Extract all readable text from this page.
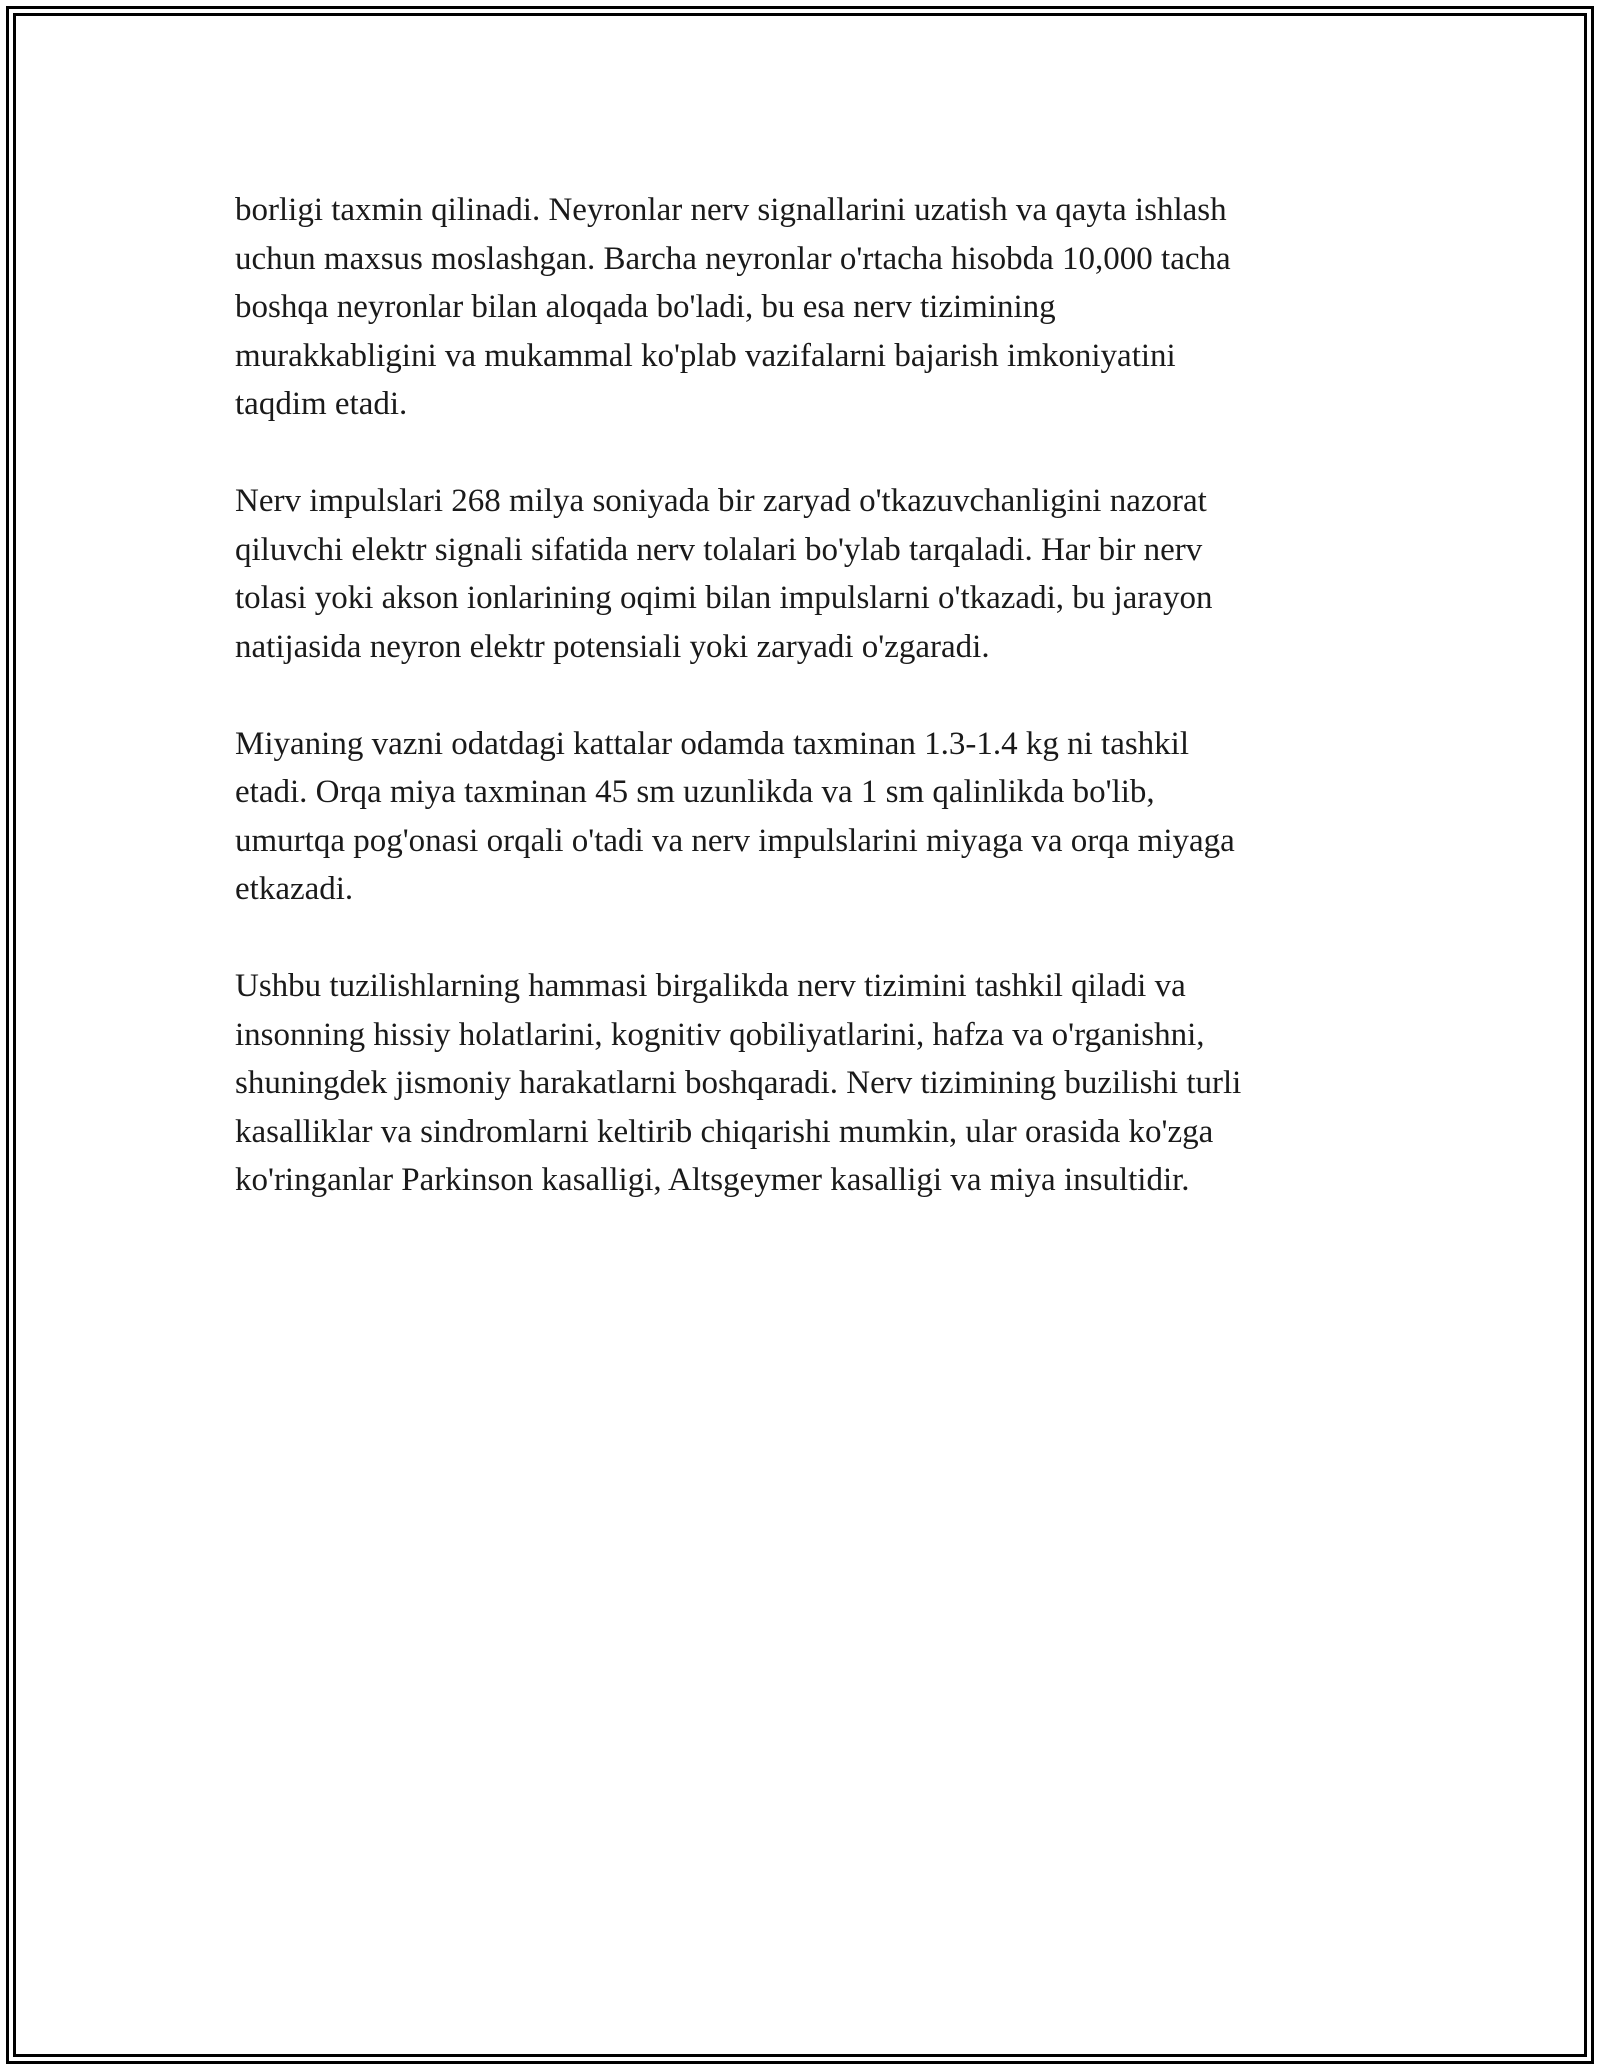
borligi taxmin qilinadi. Neyronlar nerv signallarini uzatish va qayta ishlash
uchun maxsus moslashgan. Barcha neyronlar o'rtacha hisobda 10,000 tacha
boshqa neyronlar bilan aloqada bo'ladi, bu esa nerv tizimining
murakkabligini va mukammal ko'plab vazifalarni bajarish imkoniyatini
taqdim etadi.

Nerv impulslari 268 milya soniyada bir zaryad o'tkazuvchanligini nazorat
qiluvchi elektr signali sifatida nerv tolalari bo'ylab tarqaladi. Har bir nerv
tolasi yoki akson ionlarining oqimi bilan impulslarni o'tkazadi, bu jarayon
natijasida neyron elektr potensiali yoki zaryadi o'zgaradi.

Miyaning vazni odatdagi kattalar odamda taxminan 1.3-1.4 kg ni tashkil
etadi. Orqa miya taxminan 45 sm uzunlikda va 1 sm qalinlikda bo'lib,
umurtqa pog'onasi orqali o'tadi va nerv impulslarini miyaga va orqa miyaga
etkazadi.

Ushbu tuzilishlarning hammasi birgalikda nerv tizimini tashkil qiladi va
insonning hissiy holatlarini, kognitiv qobiliyatlarini, hafza va o'rganishni,
shuningdek jismoniy harakatlarni boshqaradi. Nerv tizimining buzilishi turli
kasalliklar va sindromlarni keltirib chiqarishi mumkin, ular orasida ko'zga
ko'ringanlar Parkinson kasalligi, Altsgeymer kasalligi va miya insultidir.
